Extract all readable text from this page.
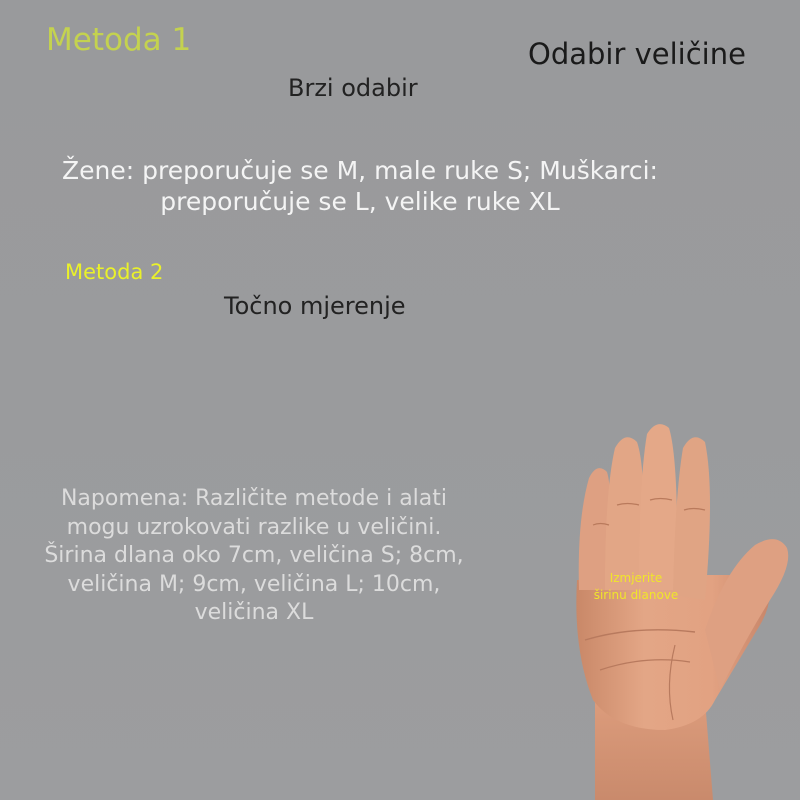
Metoda 1	Odabir veličine
Brzi odabir
Žene: preporučuje se M, male ruke S; Muškarci:
preporučuje se L, velike ruke XL
Metoda 2
Točno mjerenje
Napomena: Različite metode i alati
mogu uzrokovati razlike u veličini.
Širina dlana oko 7cm, veličina S; 8cm,
veličina M; 9cm, veličina L; 10cm,
veličina XL
Izmjerite
širinu dlanove
